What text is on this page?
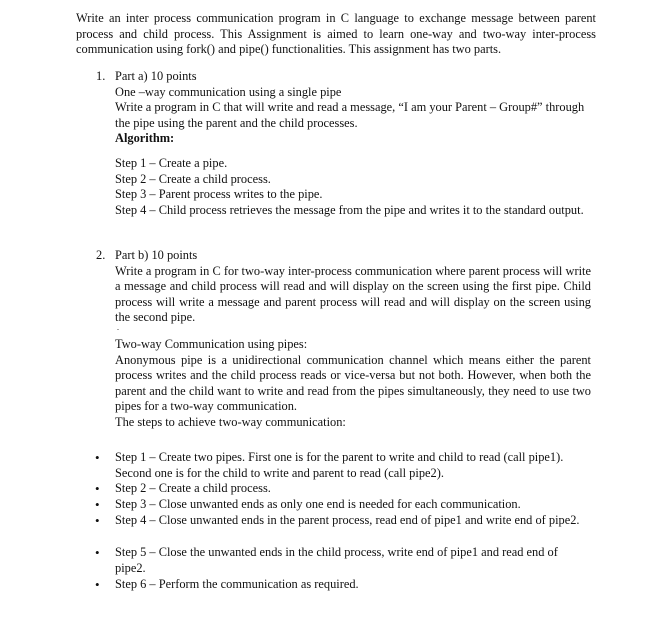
Write an inter process communication program in C language to exchange message between parent process and child process. This Assignment is aimed to learn one-way and two-way inter-process communication using fork() and pipe() functionalities. This assignment has two parts.

1. Part a) 10 points

One –way communication using a single pipe

Write a program in C that will write and read a message, “I am your Parent – Group#” through the pipe using the parent and the child processes.

Algorithm:

Step 1 – Create a pipe.

Step 2 – Create a child process.

Step 3 – Parent process writes to the pipe.

Step 4 – Child process retrieves the message from the pipe and writes it to the standard output.

2. Part b) 10 points

Write a program in C for two-way inter-process communication where parent process will write a message and child process will read and will display on the screen using the first pipe. Child process will write a message and parent process will read and will display on the screen using the second pipe.

.

Two-way Communication using pipes:

Anonymous pipe is a unidirectional communication channel which means either the parent process writes and the child process reads or vice-versa but not both. However, when both the parent and the child want to write and read from the pipes simultaneously, they need to use two pipes for a two-way communication.

The steps to achieve two-way communication:

• Step 1 – Create two pipes. First one is for the parent to write and child to read (call pipe1). Second one is for the child to write and parent to read (call pipe2).

• Step 2 – Create a child process.

• Step 3 – Close unwanted ends as only one end is needed for each communication.

• Step 4 – Close unwanted ends in the parent process, read end of pipe1 and write end of pipe2.

• Step 5 – Close the unwanted ends in the child process, write end of pipe1 and read end of pipe2.

• Step 6 – Perform the communication as required.
